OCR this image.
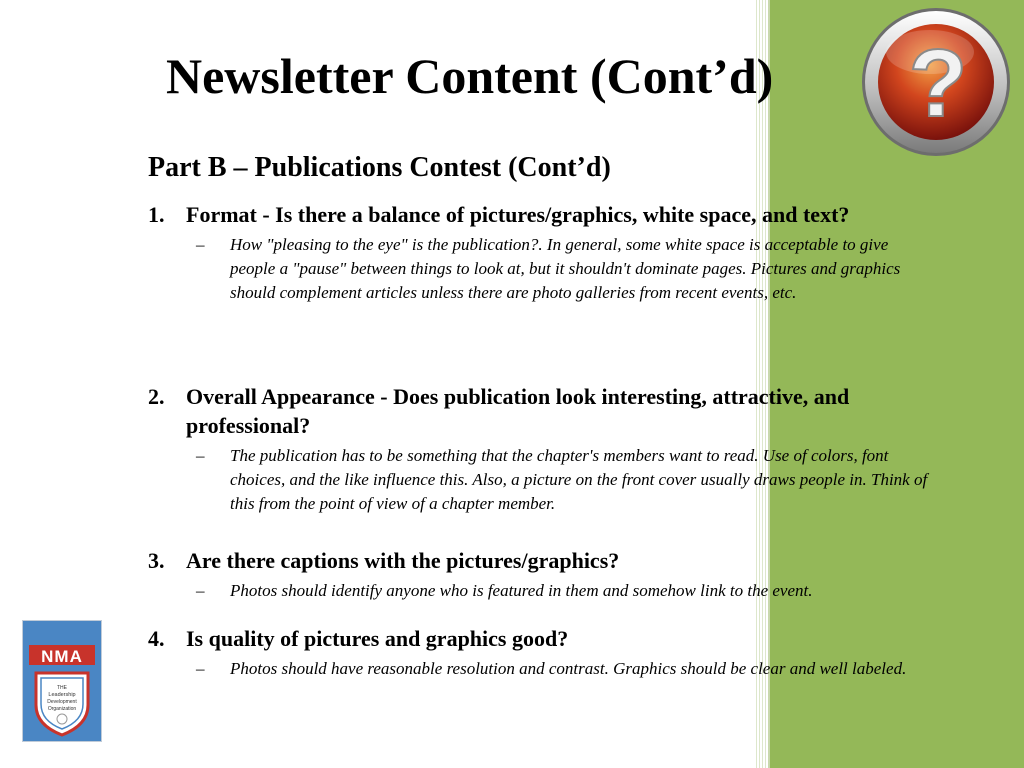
?
Newsletter Content (Cont’d)
Part B – Publications Contest (Cont’d)
1. Format - Is there a balance of pictures/graphics, white space, and text?
–	How "pleasing to the eye" is the publication?. In general, some white space is acceptable to give people a "pause" between things to look at, but it shouldn't dominate pages. Pictures and graphics should complement articles unless there are photo galleries from recent events, etc.
2. Overall Appearance - Does publication look interesting, attractive, and professional?
–	The publication has to be something that the chapter's members want to read. Use of colors, font choices, and the like influence this. Also, a picture on the front cover usually draws people in. Think of this from the point of view of a chapter member.
3. Are there captions with the pictures/graphics?
–	Photos should identify anyone who is featured in them and somehow link to the event.
4. Is quality of pictures and graphics good?
–	Photos should have reasonable resolution and contrast. Graphics should be clear and well labeled.
NMA
THE
Leadership
Development
Organization
